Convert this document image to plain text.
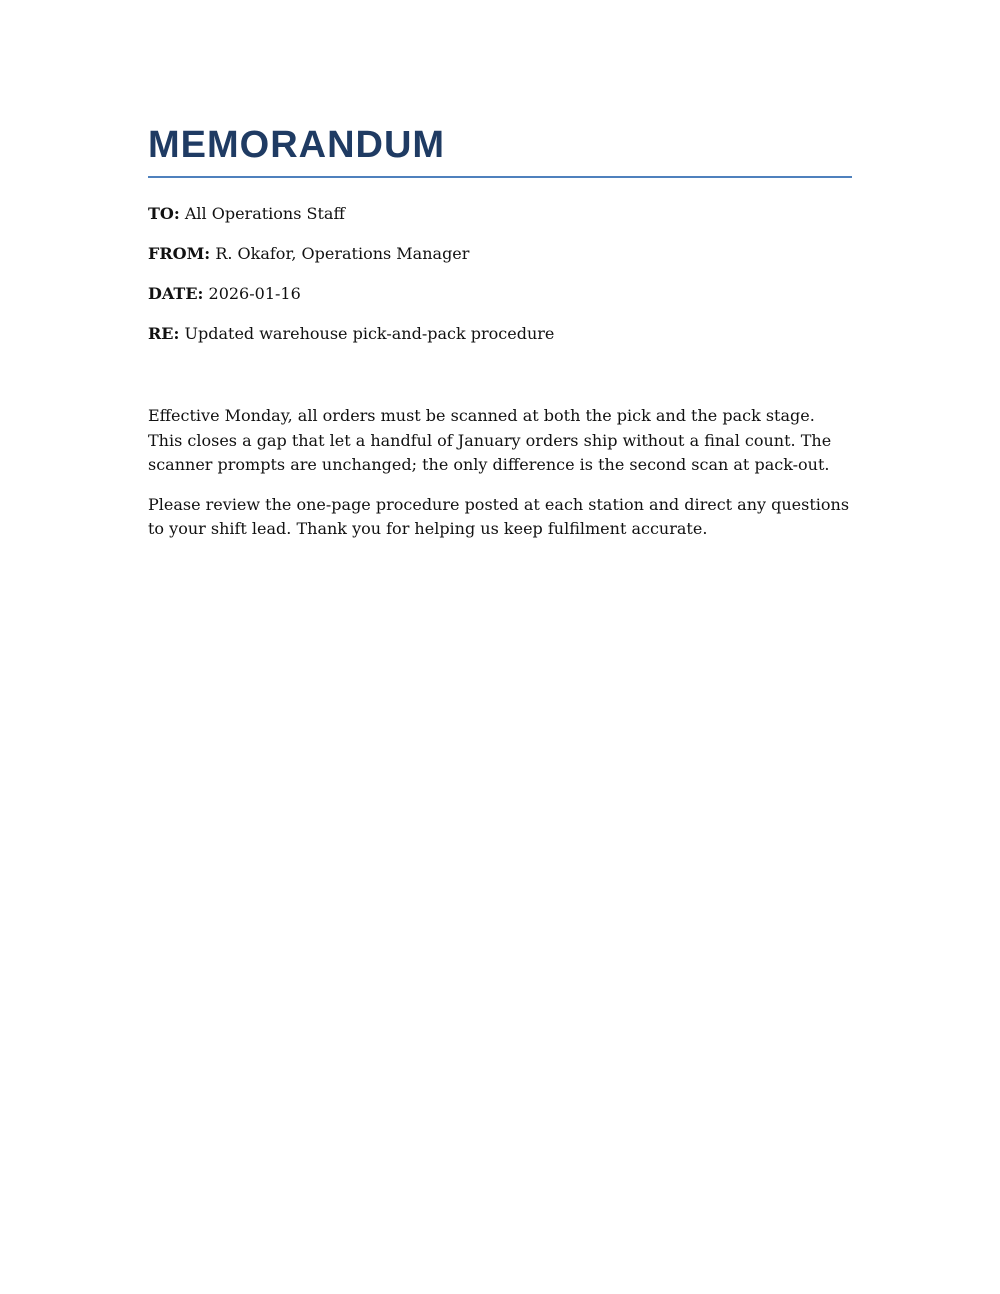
MEMORANDUM

TO: All Operations Staff

FROM: R. Okafor, Operations Manager

DATE: 2026-01-16

RE: Updated warehouse pick-and-pack procedure

Effective Monday, all orders must be scanned at both the pick and the pack stage. This closes a gap that let a handful of January orders ship without a final count. The scanner prompts are unchanged; the only difference is the second scan at pack-out.

Please review the one-page procedure posted at each station and direct any questions to your shift lead. Thank you for helping us keep fulfilment accurate.
